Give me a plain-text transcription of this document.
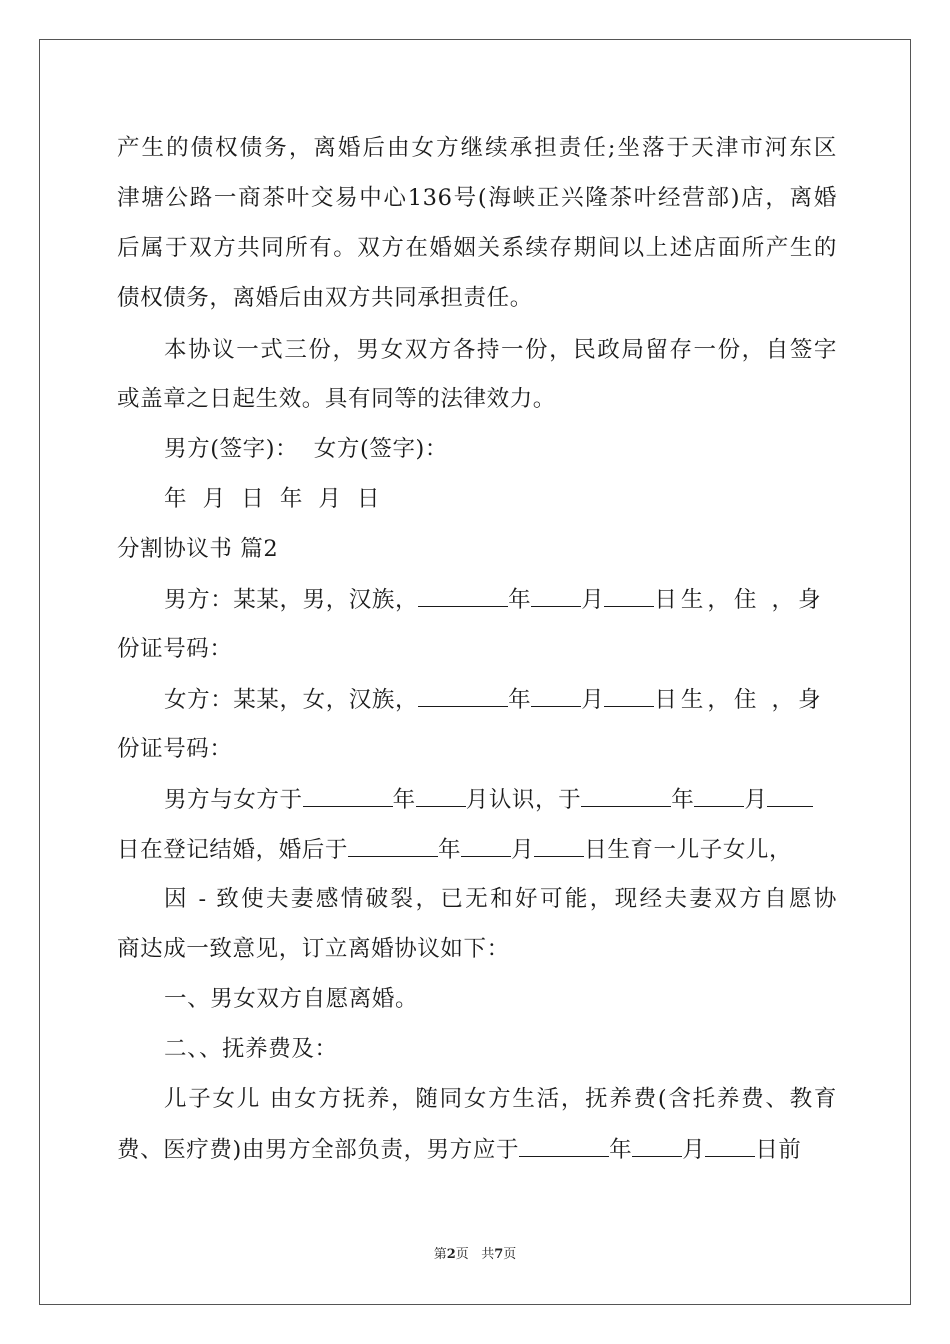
产生的债权债务，离婚后由女方继续承担责任;坐落于天津市河东区
津塘公路一商茶叶交易中心136号(海峡正兴隆茶叶经营部)店，离婚
后属于双方共同所有。双方在婚姻关系续存期间以上述店面所产生的
债权债务，离婚后由双方共同承担责任。
本协议一式三份，男女双方各持一份，民政局留存一份，自签字
或盖章之日起生效。具有同等的法律效力。
男方(签字)：  女方(签字)：
年  月  日  年  月  日
分割协议书 篇2
男方：某某，男，汉族，	年 月 日生，住 ，身
份证号码：
女方：某某，女，汉族，	年 月 日生，住 ，身
份证号码：
男方与女方于	年 月认识，于	年 月
日在登记结婚，婚后于	年 月 日生育一儿子女儿，
因 - 致使夫妻感情破裂，已无和好可能，现经夫妻双方自愿协
商达成一致意见，订立离婚协议如下：
一、男女双方自愿离婚。
二、、抚养费及：
儿子女儿 由女方抚养，随同女方生活，抚养费(含托养费、教育
费、医疗费)由男方全部负责，男方应于	年 月 日前
第2页   共7页
